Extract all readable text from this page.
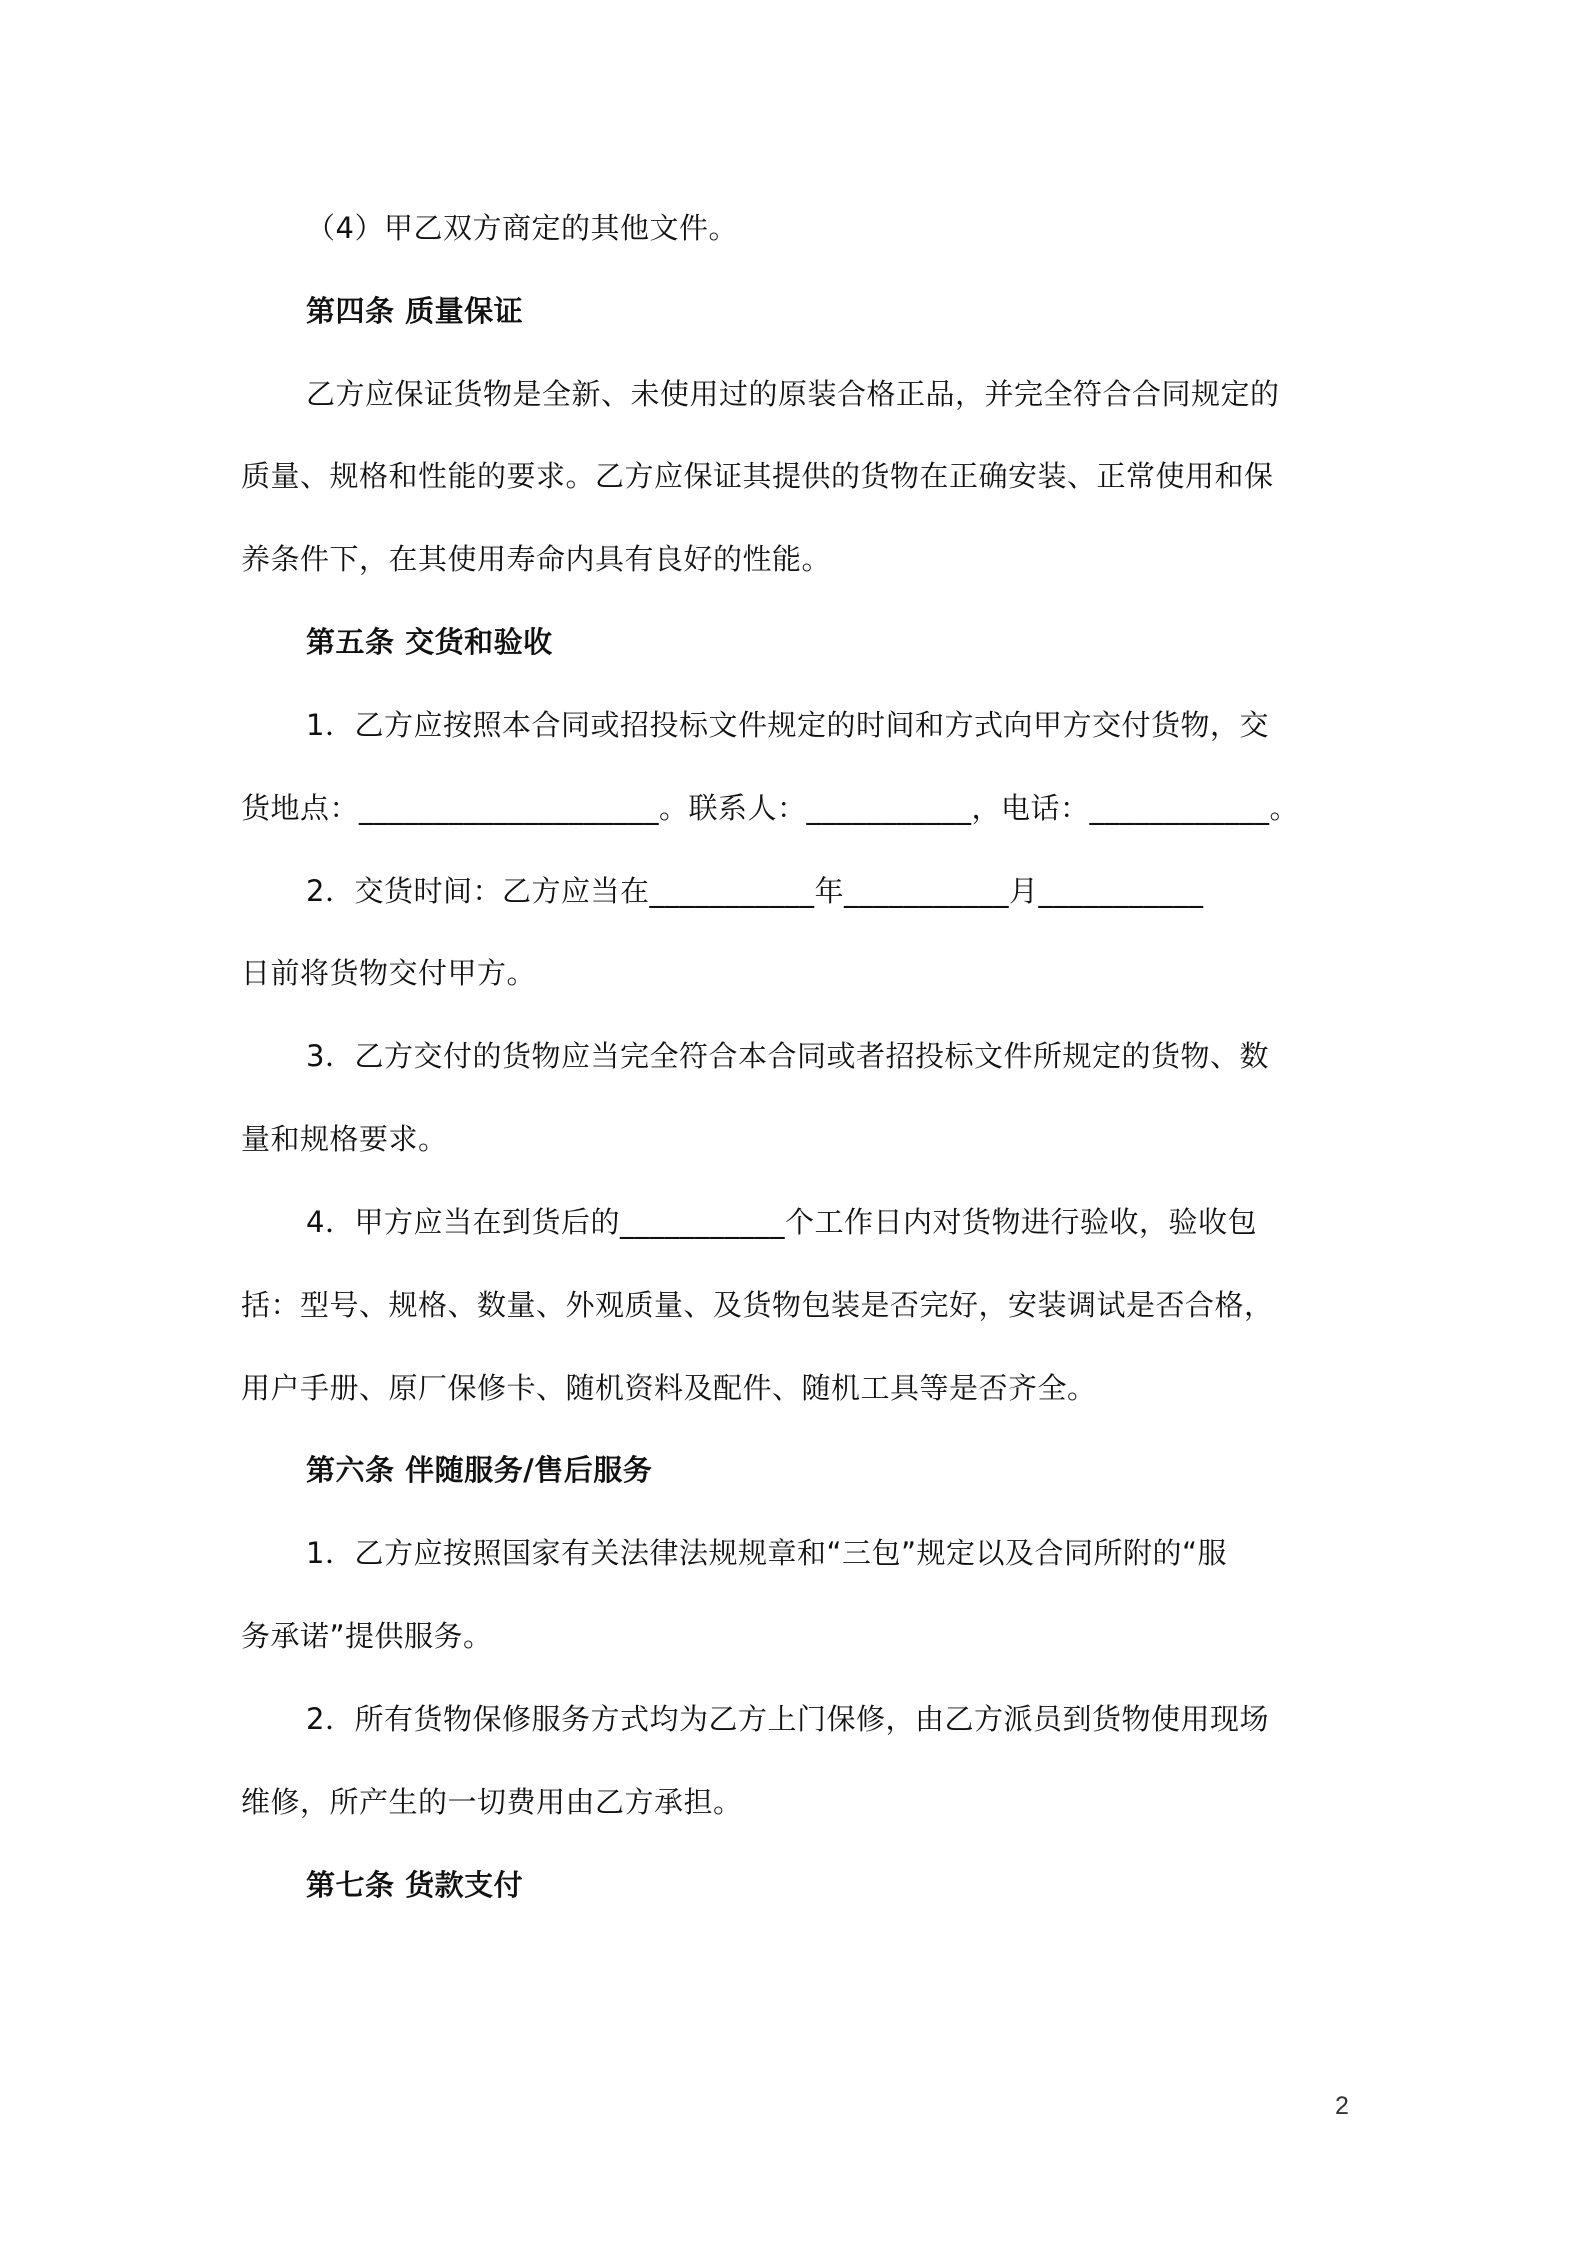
（4）甲乙双方商定的其他文件。
第四条 质量保证
乙方应保证货物是全新、未使用过的原装合格正品，并完全符合合同规定的
质量、规格和性能的要求。乙方应保证其提供的货物在正确安装、正常使用和保
养条件下，在其使用寿命内具有良好的性能。
第五条 交货和验收
1．乙方应按照本合同或招投标文件规定的时间和方式向甲方交付货物，交
货地点：____________________。联系人：___________，电话：____________。
2．交货时间：乙方应当在___________年___________月___________
日前将货物交付甲方。
3．乙方交付的货物应当完全符合本合同或者招投标文件所规定的货物、数
量和规格要求。
4．甲方应当在到货后的___________个工作日内对货物进行验收，验收包
括：型号、规格、数量、外观质量、及货物包装是否完好，安装调试是否合格，
用户手册、原厂保修卡、随机资料及配件、随机工具等是否齐全。
第六条 伴随服务/售后服务
1．乙方应按照国家有关法律法规规章和“三包”规定以及合同所附的“服
务承诺”提供服务。
2．所有货物保修服务方式均为乙方上门保修，由乙方派员到货物使用现场
维修，所产生的一切费用由乙方承担。
第七条 货款支付
2
